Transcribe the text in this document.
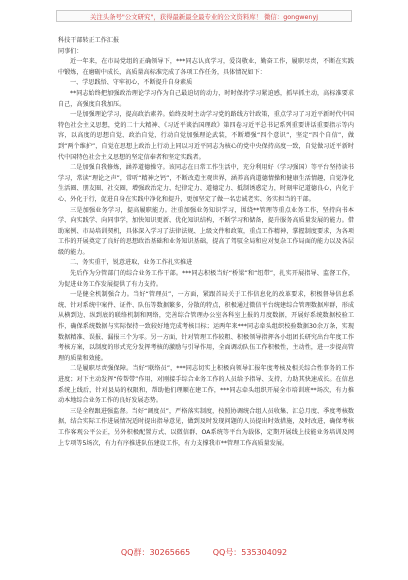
关注头条号"公文研究"，获得最新最全最专业的公文资料库！ 微信：gongwenyj

科技干部转正工作汇报

同事们：

近一年来，在市局党组的正确领导下，***同志认真学习，爱岗敬业，勤奋工作，履职尽责，不断在实践中锻炼，在磨砺中成长，高质量高标准完成了各项工作任务，具体情况如下：

一、学思践悟、守牢初心，不断提升自身素质

**同志始终把加强政治理论学习作为自己最迫切的动力，时时保持学习紧迫感，抓早抓主动，高标准要求自己，高强度自我加压。

一是加强理论学习，提高政治素养。始终及时主动学习党的路线方针政策，重点学习了习近平新时代中国特色社会主义思想，党的二十大精神、《习近平谈治国理政》第四卷习近平总书记系列重要讲话重要指示等内容，以高度的思想自觉、政治自觉，行动自觉加强理论武装，不断增强“四个意识”，坚定“四个自信”，做到“两个维护”，自觉在思想上政治上行动上同以习近平同志为核心的党中央保持高度一致，自觉做习近平新时代中国特色社会主义思想的坚定信奉者和坚定实践者。

二是加强自我修炼，涵养道德操守。该同志在日常工作生活中，充分利用好（学习强国）等平台坚持读书学习，常读“理论之声”，常听“精神之钙”，不断改造主观世界，涵养高尚道德情操和健康生活情趣，自觉净化生活圈、朋友圈、社交圈，增强政治定力、纪律定力、道德定力、抵制诱惑定力，时刻牢记道德良心，内化于心、外化于行，促进自身在实践中净化和提升，更加坚定了做一名忠诚老实、务实担当的干部。

三是加强业务学习，提高履职能力。注重加强业务知识学习，围绕**管理等重点业务工作，坚持向书本学、向实践学、向同事学，加快知识更新、优化知识结构，不断学习和储备，提升服务高质量发展的能力。借助案例、市局培训契机，具体深入学习了法律法规、上级文件和政策，重点工作精神，掌握制度要求，为各项工作的开展奠定了良好的思想政治基础和业务知识基础，提高了驾驭全局和应对复杂工作局面的能力以及各层级的能力。

二、务实重干，锐意进取，业务工作扎实推进

先后作为分管部门的综合业务工作干部。***同志积极当好“桥梁”和“纽带”，扎实开展指导、监督工作，为促进业务工作发展提供了有力支持。

一是健全机制强合力。当好“管理员”，一方面，紧跟首局关于工作信息化的改革要求，积极督导信息系统、针对系统中案件、证件、队伍等数据繁多，分散的特点，积极通过微信平台统建综合管理数据库群，形成从横到边、纵到底的联络机制和网络，完善综合管理办公室各科室上报的月度数据，开展好系统数据校验工作，确保系统数据与实际保持一致较好地完成考核目标；运两年来***同志牵头组织校验数据30余万条，实现数据精准、误报、漏报三个为零。另一方面，针对管理工作较粗、积极领导指挥各小组团长研究出台年度工作考核方案，以制度的形式充分发挥考核的激励与引导作用，全面调动队伍工作积极性，主动性，进一步提高管理的质量和效能。

二是履职尽责强保障。当好“联络员”，***同志切实上积极向领导汇报年度考核及相关综合性事务的工作进度；对下主动发挥“传帮带”作用，对刚接手综合业务工作的人员给予指导、支持，力助其快速成长。在信息系统上线后，针对县局的权限和，帮助他们理顺在建工作，***同志牵头组织开展全市培训班**场次，有力推动本地综合业务工作的良好发展态势。

三是全程跟进强监督。当好“调度员”，严格落实制度，按照协调统合组人员收集、汇总月度、季度考核数据，结合实际工作进展情况适时提出指导意见，做到及时发现问题的人员提出时效措施，及时改进，确保考核工作客观公平公正，另外积极配置方式、以微信群、OA系统等平台为载体，定期开展线上技能业务培训及网上专项等5场次，有力有序推进队伍建设工作，有力支撑我市**管理工作高质量发展。

QQ群：30265665	QQ号：535304092
